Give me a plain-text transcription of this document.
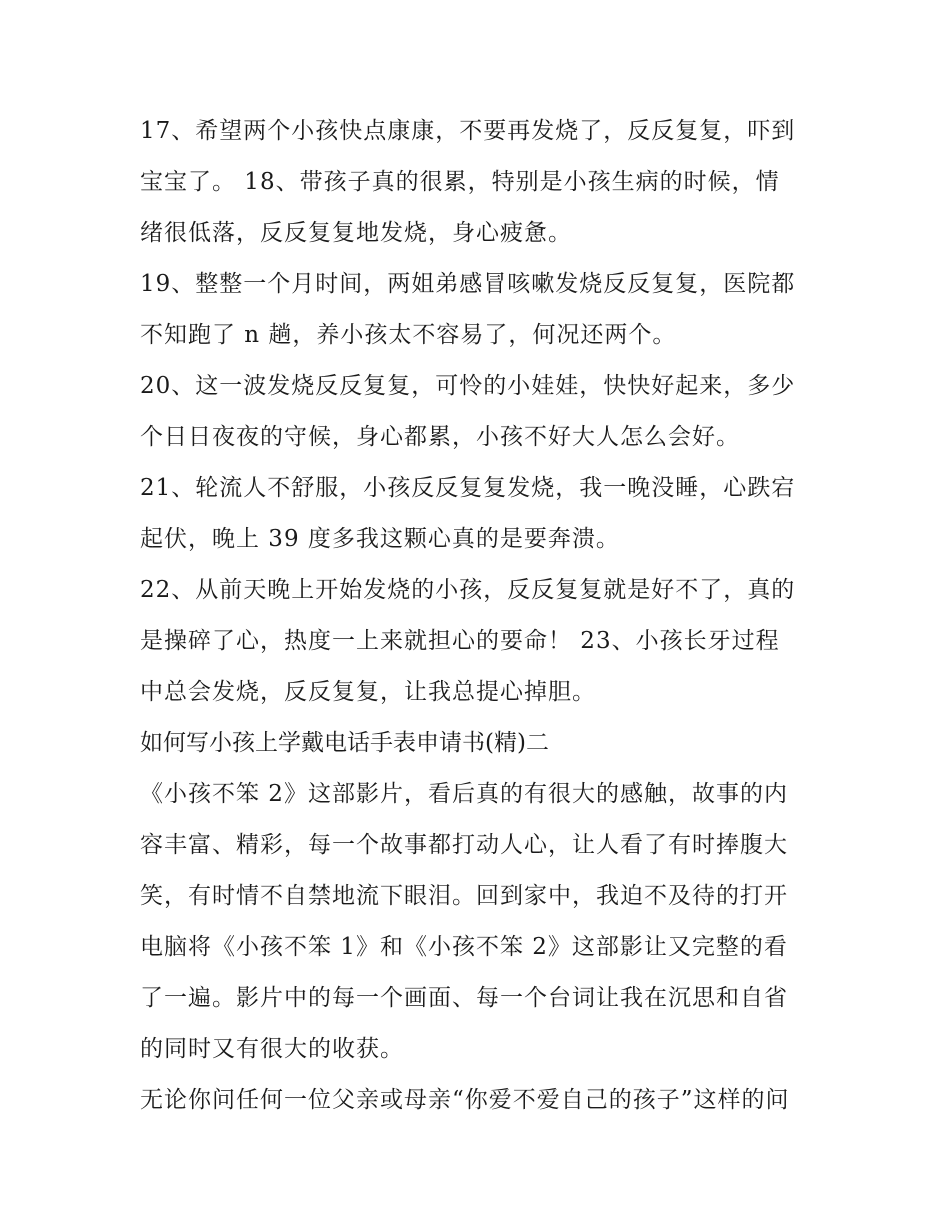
17、希望两个小孩快点康康，不要再发烧了，反反复复，吓到
宝宝了。 18、带孩子真的很累，特别是小孩生病的时候，情
绪很低落，反反复复地发烧，身心疲惫。
19、整整一个月时间，两姐弟感冒咳嗽发烧反反复复，医院都
不知跑了 n 趟，养小孩太不容易了，何况还两个。
20、这一波发烧反反复复，可怜的小娃娃，快快好起来，多少
个日日夜夜的守候，身心都累，小孩不好大人怎么会好。
21、轮流人不舒服，小孩反反复复发烧，我一晚没睡，心跌宕
起伏，晚上 39 度多我这颗心真的是要奔溃。
22、从前天晚上开始发烧的小孩，反反复复就是好不了，真的
是操碎了心，热度一上来就担心的要命！ 23、小孩长牙过程
中总会发烧，反反复复，让我总提心掉胆。
如何写小孩上学戴电话手表申请书(精)二
《小孩不笨 2》这部影片，看后真的有很大的感触，故事的内
容丰富、精彩，每一个故事都打动人心，让人看了有时捧腹大
笑，有时情不自禁地流下眼泪。回到家中，我迫不及待的打开
电脑将《小孩不笨 1》和《小孩不笨 2》这部影让又完整的看
了一遍。影片中的每一个画面、每一个台词让我在沉思和自省
的同时又有很大的收获。
无论你问任何一位父亲或母亲“你爱不爱自己的孩子”这样的问
